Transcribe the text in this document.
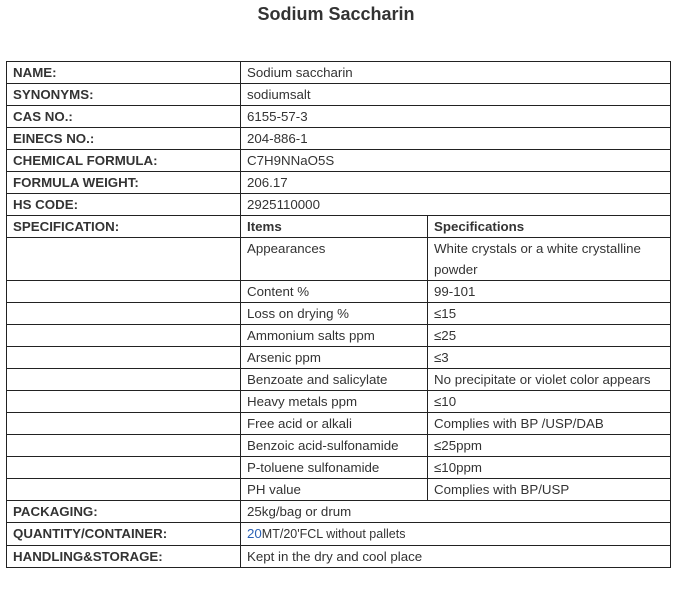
Sodium Saccharin
NAME:	Sodium saccharin	
SYNONYMS:	sodiumsalt	
CAS NO.:	6155-57-3	
EINECS NO.:	204-886-1	
CHEMICAL FORMULA:	C7H9NNaO5S	
FORMULA WEIGHT:	206.17	
HS CODE:	2925110000	
SPECIFICATION:	Items	Specifications
	Appearances	White crystals or a white crystalline powder
	Content %	99-101
	Loss on drying %	≤15
	Ammonium salts ppm	≤25
	Arsenic ppm	≤3
	Benzoate and salicylate	No precipitate or violet color appears
	Heavy metals ppm	≤10
	Free acid or alkali	Complies with BP /USP/DAB
	Benzoic acid-sulfonamide	≤25ppm
	P-toluene sulfonamide	≤10ppm
	PH value	Complies with BP/USP
PACKAGING:	25kg/bag or drum	
QUANTITY/CONTAINER:	20MT/20'FCL without pallets	
HANDLING&STORAGE:	Kept in the dry and cool place	
